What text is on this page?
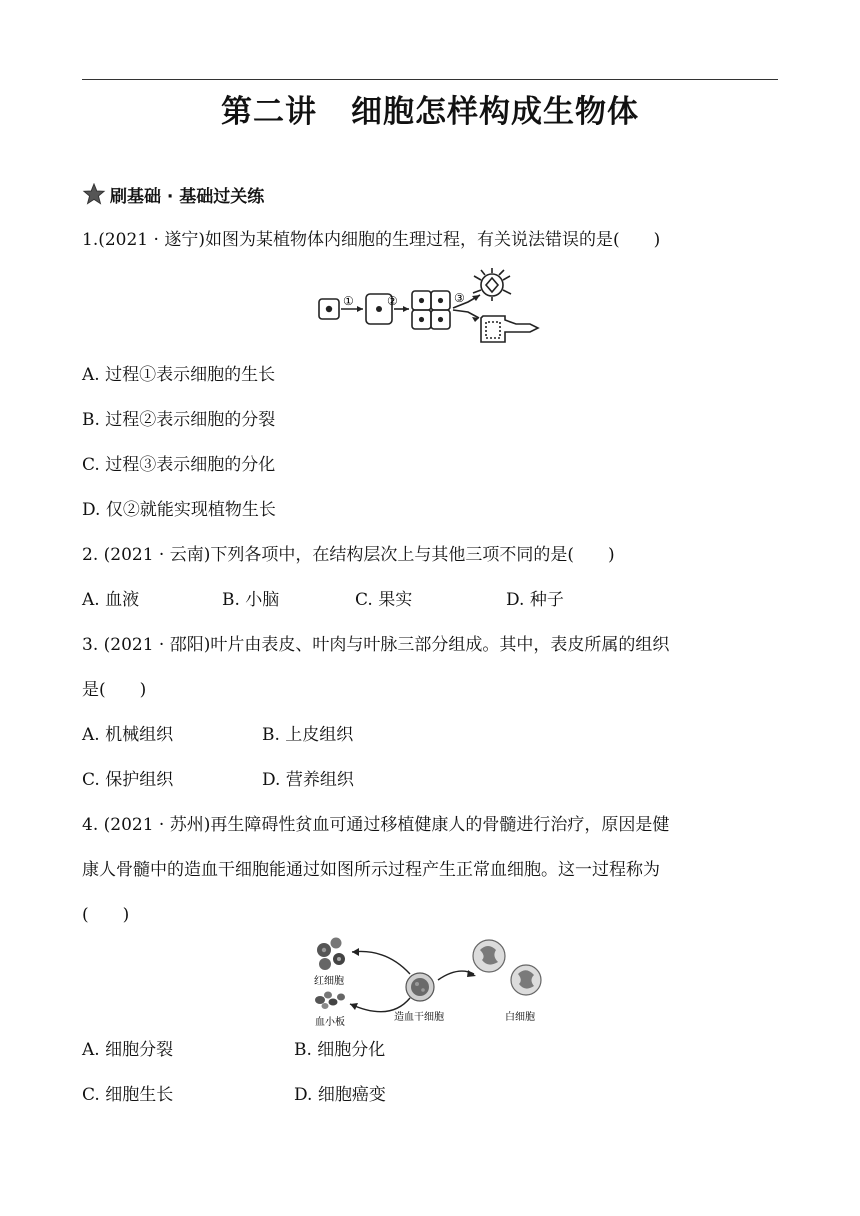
第二讲 细胞怎样构成生物体
刷基础 · 基础过关练
1.(2021 · 遂宁)如图为某植物体内细胞的生理过程，有关说法错误的是(　　)
①	②	③
A. 过程①表示细胞的生长
B. 过程②表示细胞的分裂
C. 过程③表示细胞的分化
D. 仅②就能实现植物生长
2. (2021 · 云南)下列各项中，在结构层次上与其他三项不同的是(　　)
A. 血液	B. 小脑	C. 果实	D. 种子
3. (2021 · 邵阳)叶片由表皮、叶肉与叶脉三部分组成。其中，表皮所属的组织
是(　　)
A. 机械组织	B. 上皮组织
C. 保护组织	D. 营养组织
4. (2021 · 苏州)再生障碍性贫血可通过移植健康人的骨髓进行治疗，原因是健
康人骨髓中的造血干细胞能通过如图所示过程产生正常血细胞。这一过程称为
(　　)
红细胞
血小板	造血干细胞	白细胞
A. 细胞分裂	B. 细胞分化
C. 细胞生长	D. 细胞癌变
